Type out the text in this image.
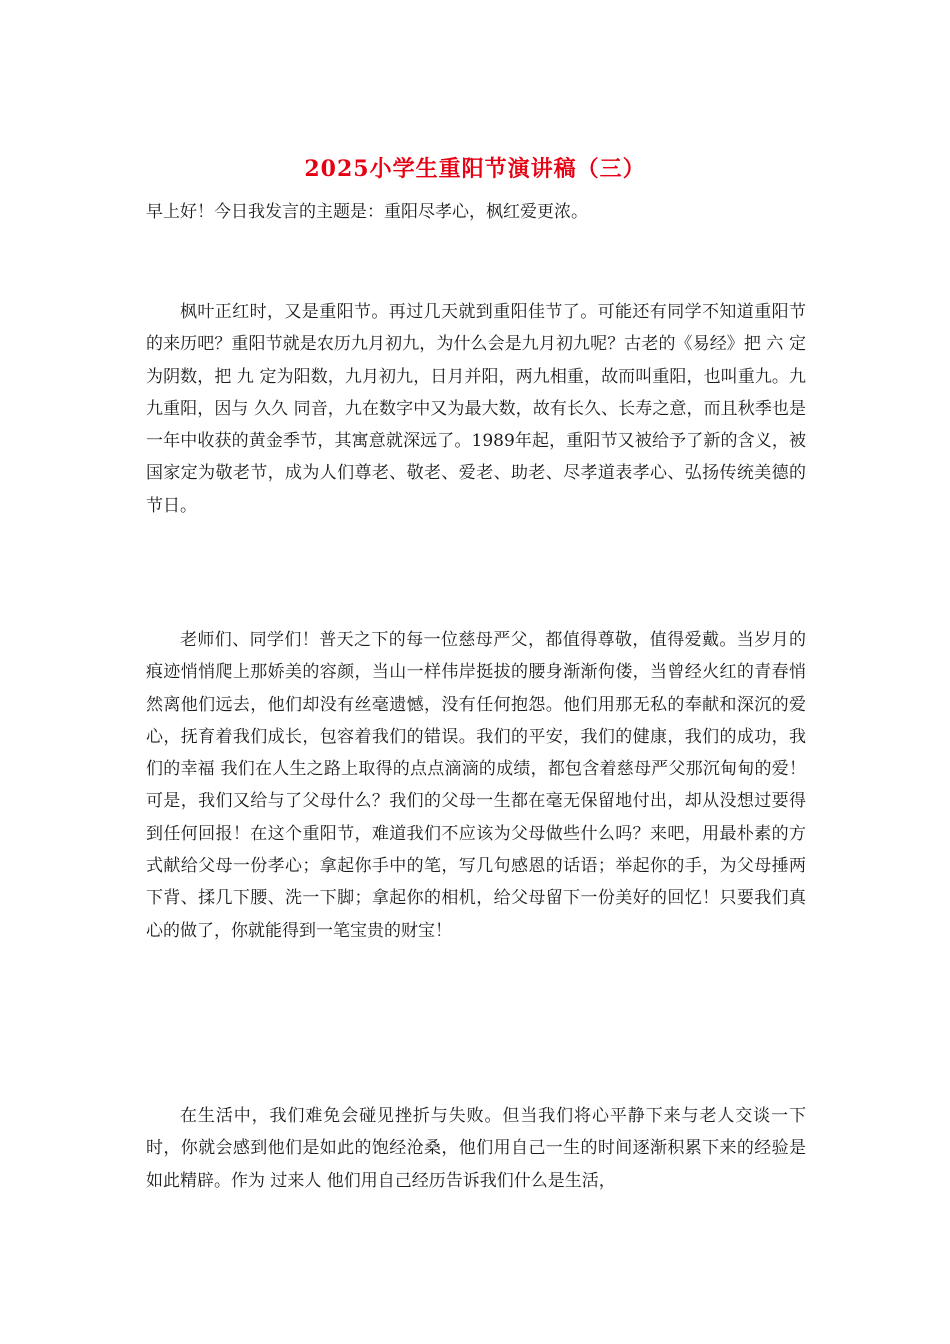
2025小学生重阳节演讲稿（三）
早上好！今日我发言的主题是：重阳尽孝心，枫红爱更浓。

枫叶正红时，又是重阳节。再过几天就到重阳佳节了。可能还有同学不知道重阳节的来历吧？重阳节就是农历九月初九，为什么会是九月初九呢？古老的《易经》把 六 定为阴数，把 九 定为阳数，九月初九，日月并阳，两九相重，故而叫重阳，也叫重九。九九重阳，因与 久久 同音，九在数字中又为最大数，故有长久、长寿之意，而且秋季也是一年中收获的黄金季节，其寓意就深远了。1989年起，重阳节又被给予了新的含义，被国家定为敬老节，成为人们尊老、敬老、爱老、助老、尽孝道表孝心、弘扬传统美德的节日。

老师们、同学们！普天之下的每一位慈母严父，都值得尊敬，值得爱戴。当岁月的痕迹悄悄爬上那娇美的容颜，当山一样伟岸挺拔的腰身渐渐佝偻，当曾经火红的青春悄然离他们远去，他们却没有丝毫遗憾，没有任何抱怨。他们用那无私的奉献和深沉的爱心，抚育着我们成长，包容着我们的错误。我们的平安，我们的健康，我们的成功，我们的幸福 我们在人生之路上取得的点点滴滴的成绩，都包含着慈母严父那沉甸甸的爱！可是，我们又给与了父母什么？我们的父母一生都在毫无保留地付出，却从没想过要得到任何回报！在这个重阳节，难道我们不应该为父母做些什么吗？来吧，用最朴素的方式献给父母一份孝心；拿起你手中的笔，写几句感恩的话语；举起你的手，为父母捶两下背、揉几下腰、洗一下脚；拿起你的相机，给父母留下一份美好的回忆！只要我们真心的做了，你就能得到一笔宝贵的财宝！

在生活中，我们难免会碰见挫折与失败。但当我们将心平静下来与老人交谈一下时，你就会感到他们是如此的饱经沧桑，他们用自己一生的时间逐渐积累下来的经验是如此精辟。作为 过来人 他们用自己经历告诉我们什么是生活，
